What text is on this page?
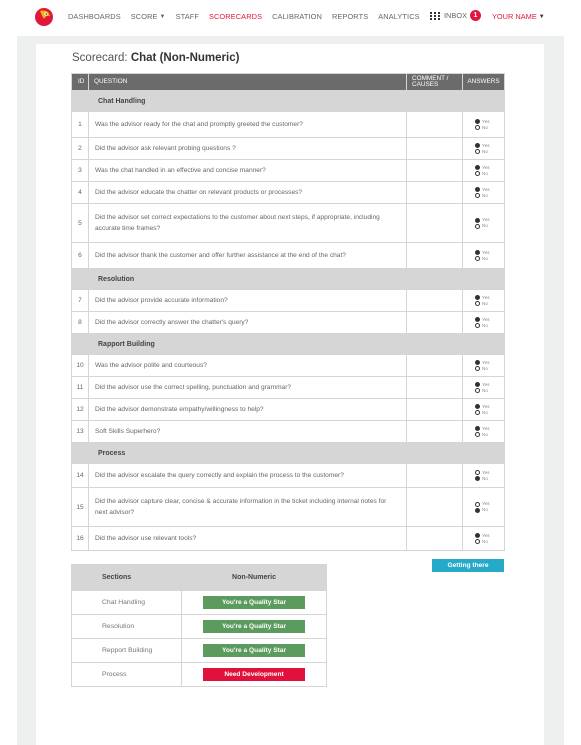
DASHBOARDS SCORE ▼ STAFF SCORECARDS CALIBRATION REPORTS ANALYTICS	INBOX 1	YOUR NAME ▼
Scorecard: Chat (Non-Numeric)
ID	QUESTION	COMMENT / CAUSES	ANSWERS
	Chat Handling		
1	Was the advisor ready for the chat and promptly greeted the customer?		Yes
No

2	Did the advisor ask relevant probing questions ?		Yes
No

3	Was the chat handled in an effective and concise manner?		Yes
No

4	Did the advisor educate the chatter on relevant products or processes?		Yes
No

5	Did the advisor set correct expectations to the customer about next steps, if appropriate, including accurate time frames?		Yes
No

6	Did the advisor thank the customer and offer further assistance at the end of the chat?		Yes
No

	Resolution		
7	Did the advisor provide accurate information?		Yes
No

8	Did the advisor correctly answer the chatter's query?		Yes
No

	Rapport Building		
10	Was the advisor polite and courteous?		Yes
No

11	Did the advisor use the correct spelling, punctuation and grammar?		Yes
No

12	Did the advisor demonstrate empathy/willingness to help?		Yes
No

13	Soft Skills Superhero?		Yes
No

	Process		
14	Did the advisor escalate the query correctly and explain the process to the customer?		Yes
No

15	Did the advisor capture clear, concise & accurate information in the ticket including internal notes for next advisor?		Yes
No

16	Did the advisor use relevant tools?		Yes
No
Getting there
Sections	Non-Numeric
Chat Handling	You're a Quality Star
Resolution	You're a Quality Star
Repport Building	You're a Quality Star
Process	Need Development
